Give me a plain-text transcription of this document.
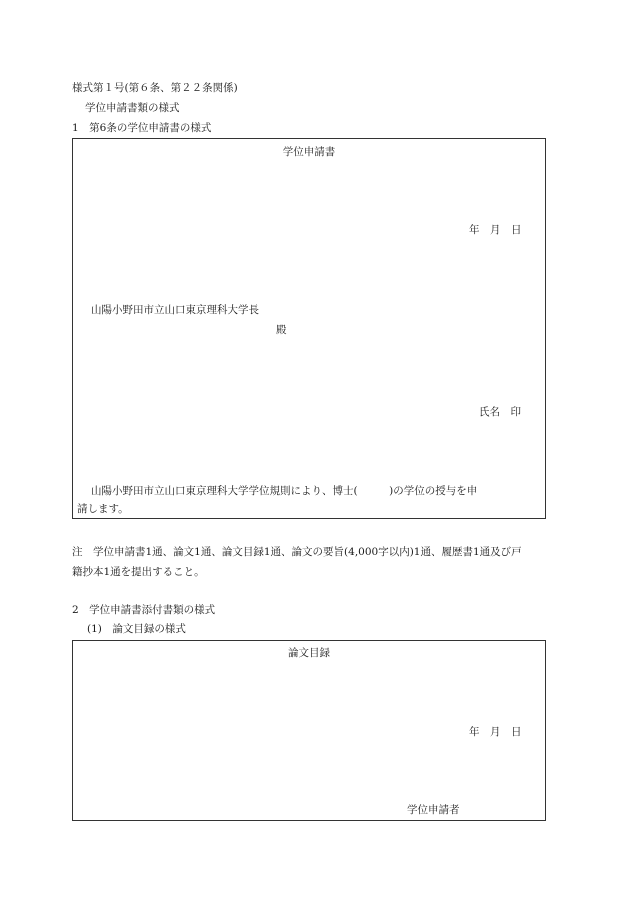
様式第１号(第６条、第２２条関係)
学位申請書類の様式
1　第6条の学位申請書の様式
学位申請書
年　月　日
山陽小野田市立山口東京理科大学長
殿
氏名　印
山陽小野田市立山口東京理科大学学位規則により、博士(　　　)の学位の授与を申
請します。
注　学位申請書1通、論文1通、論文目録1通、論文の要旨(4,000字以内)1通、履歴書1通及び戸
籍抄本1通を提出すること。
2　学位申請書添付書類の様式
(1)　論文目録の様式
論文目録
年　月　日
学位申請者
